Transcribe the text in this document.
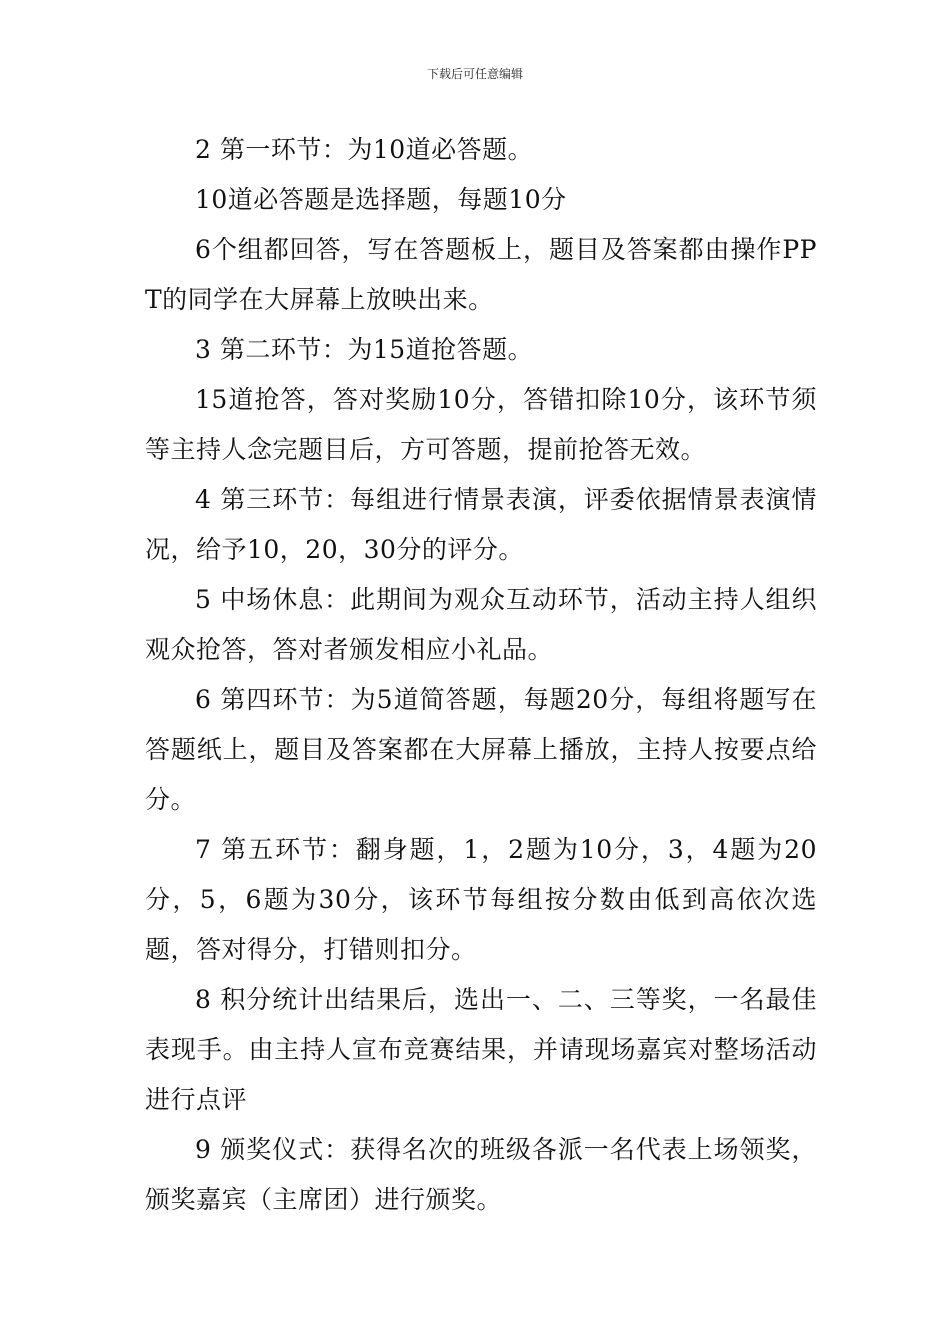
下载后可任意编辑

2 第一环节：为10道必答题。

10道必答题是选择题，每题10分

6个组都回答，写在答题板上，题目及答案都由操作PPT的同学在大屏幕上放映出来。

3 第二环节：为15道抢答题。

15道抢答，答对奖励10分，答错扣除10分，该环节须等主持人念完题目后，方可答题，提前抢答无效。

4 第三环节：每组进行情景表演，评委依据情景表演情况，给予10，20，30分的评分。

5 中场休息：此期间为观众互动环节，活动主持人组织观众抢答，答对者颁发相应小礼品。

6 第四环节：为5道简答题，每题20分，每组将题写在答题纸上，题目及答案都在大屏幕上播放，主持人按要点给分。

7 第五环节：翻身题，1，2题为10分，3，4题为20分，5，6题为30分，该环节每组按分数由低到高依次选题，答对得分，打错则扣分。

8 积分统计出结果后，选出一、二、三等奖，一名最佳表现手。由主持人宣布竞赛结果，并请现场嘉宾对整场活动进行点评

9 颁奖仪式：获得名次的班级各派一名代表上场领奖，颁奖嘉宾（主席团）进行颁奖。
